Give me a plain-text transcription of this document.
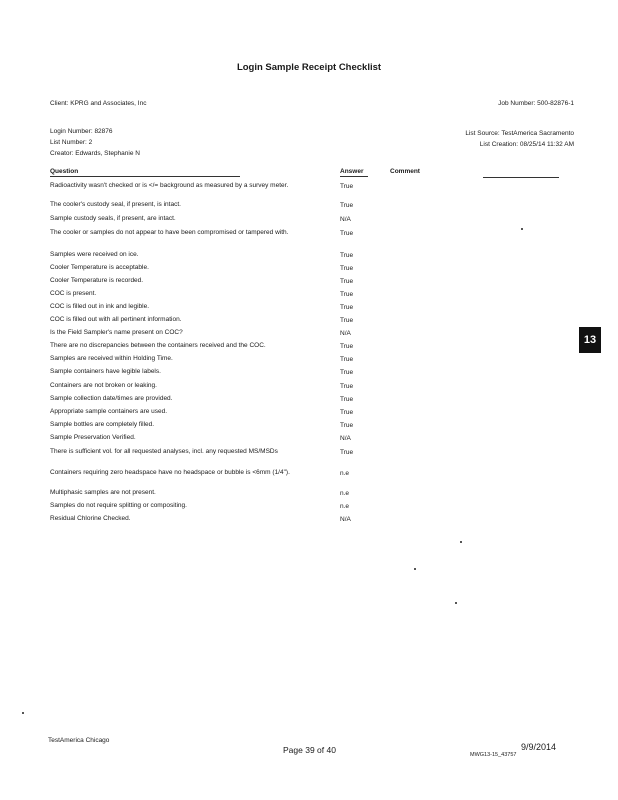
Login Sample Receipt Checklist
Client: KPRG and Associates, Inc	Job Number: 500-82876-1
Login Number: 82876
List Number: 2
Creator: Edwards, Stephanie N
List Source: TestAmerica Sacramento
List Creation: 08/25/14 11:32 AM
Question	Answer	Comment
Radioactivity wasn't checked or is </= background as measured by a survey meter.	True
The cooler's custody seal, if present, is intact.	True
Sample custody seals, if present, are intact.	N/A
The cooler or samples do not appear to have been compromised or tampered with.	True
Samples were received on ice.	True
Cooler Temperature is acceptable.	True
Cooler Temperature is recorded.	True
COC is present.	True
COC is filled out in ink and legible.	True
COC is filled out with all pertinent information.	True
Is the Field Sampler's name present on COC?	N/A
There are no discrepancies between the containers received and the COC.	True
Samples are received within Holding Time.	True
Sample containers have legible labels.	True
Containers are not broken or leaking.	True
Sample collection date/times are provided.	True
Appropriate sample containers are used.	True
Sample bottles are completely filled.	True
Sample Preservation Verified.	N/A
There is sufficient vol. for all requested analyses, incl. any requested MS/MSDs	True
Containers requiring zero headspace have no headspace or bubble is <6mm (1/4").	n.e
Multiphasic samples are not present.	n.e
Samples do not require splitting or compositing.	n.e
Residual Chlorine Checked.	N/A
13
TestAmerica Chicago
Page 39 of 40	9/9/2014
MWG13-15_43757
